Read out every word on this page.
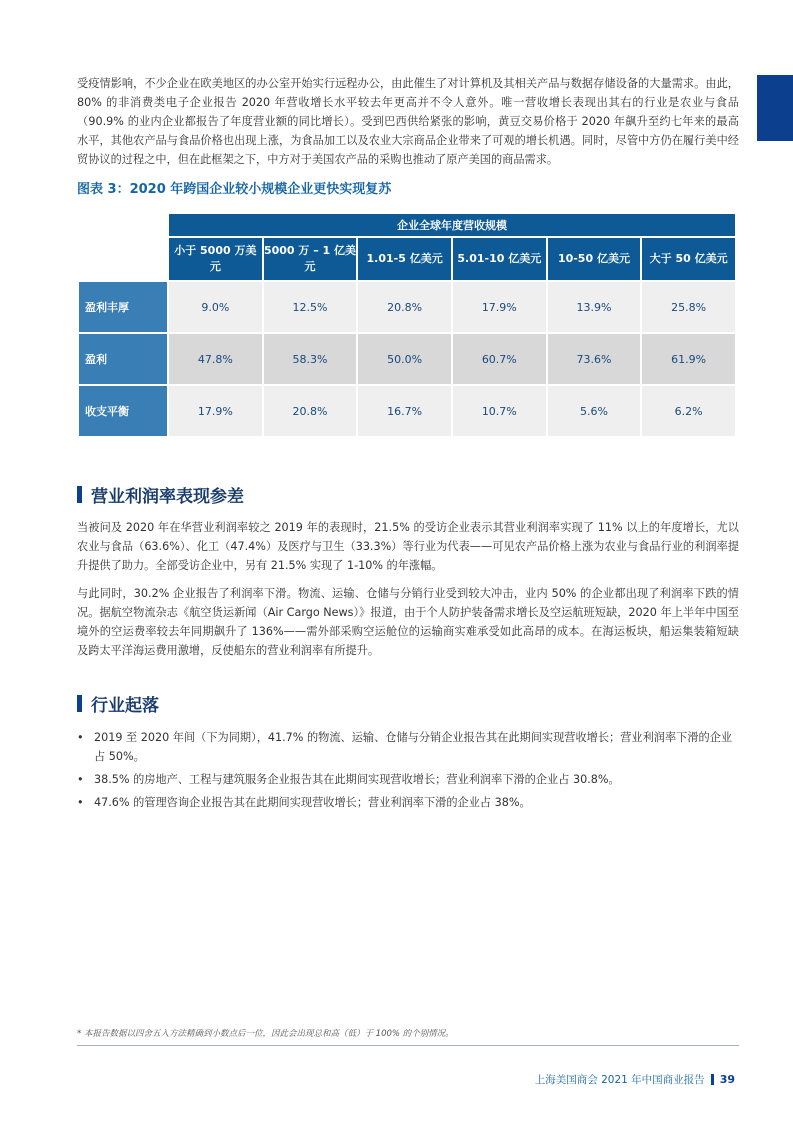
受疫情影响，不少企业在欧美地区的办公室开始实行远程办公，由此催生了对计算机及其相关产品与数据存储设备的大量需求。由此，80% 的非消费类电子企业报告 2020 年营收增长水平较去年更高并不令人意外。唯一营收增长表现出其右的行业是农业与食品（90.9% 的业内企业都报告了年度营业额的同比增长）。受到巴西供给紧张的影响，黄豆交易价格于 2020 年飙升至约七年来的最高水平，其他农产品与食品价格也出现上涨，为食品加工以及农业大宗商品企业带来了可观的增长机遇。同时，尽管中方仍在履行美中经贸协议的过程之中，但在此框架之下，中方对于美国农产品的采购也推动了原产美国的商品需求。

图表 3：2020 年跨国企业较小规模企业更快实现复苏

	企业全球年度营收规模					
	小于 5000 万美元	5000 万 – 1 亿美元	1.01-5 亿美元	5.01-10 亿美元	10-50 亿美元	大于 50 亿美元
盈利丰厚	9.0%	12.5%	20.8%	17.9%	13.9%	25.8%
盈利	47.8%	58.3%	50.0%	60.7%	73.6%	61.9%
收支平衡	17.9%	20.8%	16.7%	10.7%	5.6%	6.2%
营业利润率表现参差

当被问及 2020 年在华营业利润率较之 2019 年的表现时，21.5% 的受访企业表示其营业利润率实现了 11% 以上的年度增长，尤以农业与食品（63.6%）、化工（47.4%）及医疗与卫生（33.3%）等行业为代表——可见农产品价格上涨为农业与食品行业的利润率提升提供了助力。全部受访企业中，另有 21.5% 实现了 1-10% 的年涨幅。

与此同时，30.2% 企业报告了利润率下滑。物流、运输、仓储与分销行业受到较大冲击，业内 50% 的企业都出现了利润率下跌的情况。据航空物流杂志《航空货运新闻（Air Cargo News）》报道，由于个人防护装备需求增长及空运航班短缺，2020 年上半年中国至境外的空运费率较去年同期飙升了 136%——需外部采购空运舱位的运输商实难承受如此高昂的成本。在海运板块，船运集装箱短缺及跨太平洋海运费用激增，反使船东的营业利润率有所提升。

行业起落
• 2019 至 2020 年间（下为同期），41.7% 的物流、运输、仓储与分销企业报告其在此期间实现营收增长；营业利润率下滑的企业占 50%。
• 38.5% 的房地产、工程与建筑服务企业报告其在此期间实现营收增长；营业利润率下滑的企业占 30.8%。
• 47.6% 的管理咨询企业报告其在此期间实现营收增长；营业利润率下滑的企业占 38%。

* 本报告数据以四舍五入方法精确到小数点后一位，因此会出现总和高（低）于 100% 的个别情况。

上海美国商会 2021 年中国商业报告 39
